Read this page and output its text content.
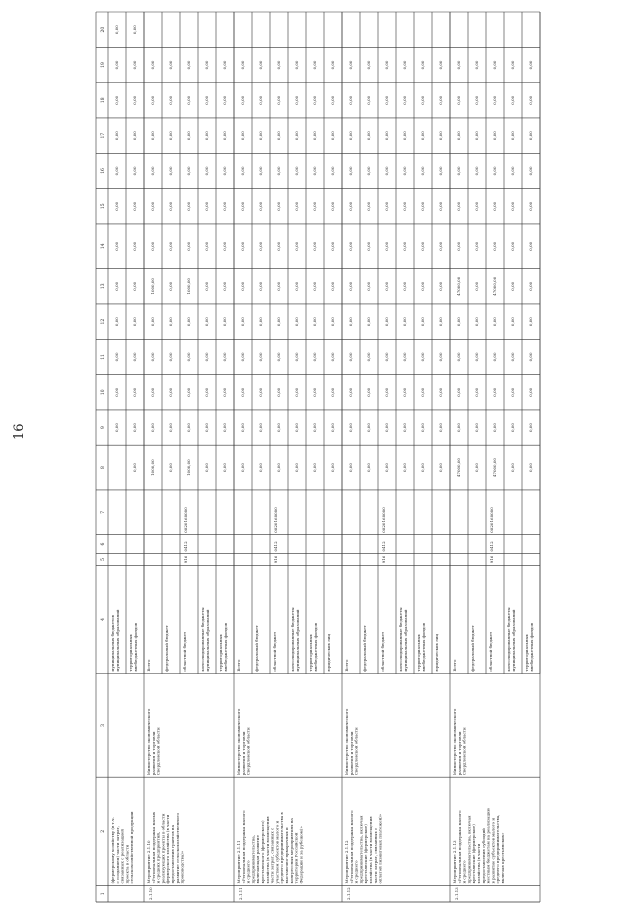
16
1
2
3
4
5
6
7
8
9
10
11
12
13
14
15
16
17
18
19
20
муниципальных бюджетов муниципальных образований
0,00
0,00
0,00
0,00
0,00
0,00
0,00
0,00
0,00
0,00
0,00
0,00
территориальных внебюджетных фондов
0,00
0,00
0,00
0,00
0,00
0,00
0,00
0,00
0,00
0,00
0,00
0,00
0,00
(фермерскому хозяйству (в т.ч. с созданием) части затрат, связанных с реализацией проекта в области сельскохозяйственной продукции
Всего
1000,00
0,00
0,00
0,00
0,00
1000,00
0,00
0,00
0,00
0,00
0,00
0,00
федеральный бюджет
0,00
0,00
0,00
0,00
0,00
0,00
0,00
0,00
0,00
0,00
0,00
0,00
областной бюджет
916
0412
0820168080
1000,00
0,00
0,00
0,00
0,00
1000,00
0,00
0,00
0,00
0,00
0,00
0,00
консолидированные бюджеты муниципальных образований
0,00
0,00
0,00
0,00
0,00
0,00
0,00
0,00
0,00
0,00
0,00
0,00
территориальных внебюджетных фондов
0,00
0,00
0,00
0,00
0,00
0,00
0,00
0,00
0,00
0,00
0,00
0,00
2.1.10
Мероприятие 2.1.10 «Региональная поддержка малых и средних предприятий, реализующих проекты в области фермерского хозяйства (в части предоставления грантов на развитие сельскохозяйственного производства)»
Министерство экономического развития и торговли Свердловской области
Всего
0,00
0,00
0,00
0,00
0,00
0,00
0,00
0,00
0,00
0,00
0,00
0,00
федеральный бюджет
0,00
0,00
0,00
0,00
0,00
0,00
0,00
0,00
0,00
0,00
0,00
0,00
областной бюджет
916
0412
0820168080
0,00
0,00
0,00
0,00
0,00
0,00
0,00
0,00
0,00
0,00
0,00
0,00
консолидированные бюджеты муниципальных образований
0,00
0,00
0,00
0,00
0,00
0,00
0,00
0,00
0,00
0,00
0,00
0,00
территориальных внебюджетных фондов
0,00
0,00
0,00
0,00
0,00
0,00
0,00
0,00
0,00
0,00
0,00
0,00
юридических лиц
0,00
0,00
0,00
0,00
0,00
0,00
0,00
0,00
0,00
0,00
0,00
0,00
2.1.11
Мероприятие 2.1.11 «Региональная поддержка малого и среднего предпринимательства, включающая развитие крестьянского (фермерского) хозяйства (в части возмещения части затрат, связанных с участием субъектов малого и среднего предпринимательства в выставочно-ярмарочных и конгрессных мероприятиях на территории Российской Федерации и за рубежом)»
Министерство экономического развития и торговли Свердловской области
Всего
0,00
0,00
0,00
0,00
0,00
0,00
0,00
0,00
0,00
0,00
0,00
0,00
федеральный бюджет
0,00
0,00
0,00
0,00
0,00
0,00
0,00
0,00
0,00
0,00
0,00
0,00
областной бюджет
916
0412
0820168080
0,00
0,00
0,00
0,00
0,00
0,00
0,00
0,00
0,00
0,00
0,00
0,00
консолидированные бюджеты муниципальных образований
0,00
0,00
0,00
0,00
0,00
0,00
0,00
0,00
0,00
0,00
0,00
0,00
территориальных внебюджетных фондов
0,00
0,00
0,00
0,00
0,00
0,00
0,00
0,00
0,00
0,00
0,00
0,00
юридических лиц
0,00
0,00
0,00
0,00
0,00
0,00
0,00
0,00
0,00
0,00
0,00
0,00
2.1.12
Мероприятие 2.1.12 «Региональная поддержка малого и среднего предпринимательства, включая крестьянские (фермерские) хозяйства (в части возмещения части затрат, связанных с оплатой лизинговых платежей)»
Министерство экономического развития и торговли Свердловской области
Всего
47000,00
0,00
0,00
0,00
0,00
47000,00
0,00
0,00
0,00
0,00
0,00
0,00
федеральный бюджет
0,00
0,00
0,00
0,00
0,00
0,00
0,00
0,00
0,00
0,00
0,00
0,00
областной бюджет
916
0412
0820168080
47000,00
0,00
0,00
0,00
0,00
47000,00
0,00
0,00
0,00
0,00
0,00
0,00
консолидированные бюджеты муниципальных образований
0,00
0,00
0,00
0,00
0,00
0,00
0,00
0,00
0,00
0,00
0,00
0,00
территориальных внебюджетных фондов
0,00
0,00
0,00
0,00
0,00
0,00
0,00
0,00
0,00
0,00
0,00
0,00
2.1.13
Мероприятие 2.1.13 «Региональная поддержка малого и среднего предпринимательства, включая крестьянские (фермерские) хозяйства (в части предоставления субсидий местным бюджетам на реализацию в развитие субъектов малого и среднего предпринимательства, включая крестьянских»
Министерство экономического развития и торговли Свердловской области
